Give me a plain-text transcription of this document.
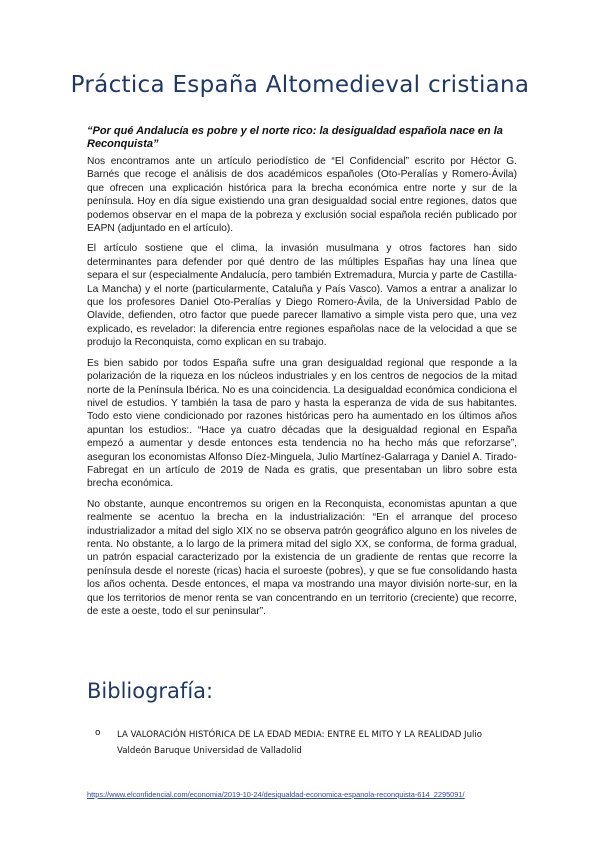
Práctica España Altomedieval cristiana

“Por qué Andalucía es pobre y el norte rico: la desigualdad española nace en la Reconquista”

Nos encontramos ante un artículo periodístico de “El Confidencial” escrito por Héctor G. Barnés que recoge el análisis de dos académicos españoles (Oto-Peralías y Romero-Ávila) que ofrecen una explicación histórica para la brecha económica entre norte y sur de la península. Hoy en día sigue existiendo una gran desigualdad social entre regiones, datos que podemos observar en el mapa de la pobreza y exclusión social española recién publicado por EAPN (adjuntado en el artículo).

El artículo sostiene que el clima, la invasión musulmana y otros factores han sido determinantes para defender por qué dentro de las múltiples Españas hay una línea que separa el sur (especialmente Andalucía, pero también Extremadura, Murcia y parte de Castilla-La Mancha) y el norte (particularmente, Cataluña y País Vasco). Vamos a entrar a analizar lo que los profesores Daniel Oto-Peralías y Diego Romero-Ávila, de la Universidad Pablo de Olavide, defienden, otro factor que puede parecer llamativo a simple vista pero que, una vez explicado, es revelador: la diferencia entre regiones españolas nace de la velocidad a que se produjo la Reconquista, como explican en su trabajo.

Es bien sabido por todos España sufre una gran desigualdad regional que responde a la polarización de la riqueza en los núcleos industriales y en los centros de negocios de la mitad norte de la Península Ibérica. No es una coincidencia. La desigualdad económica condiciona el nivel de estudios. Y también la tasa de paro y hasta la esperanza de vida de sus habitantes. Todo esto viene condicionado por razones históricas pero ha aumentado en los últimos años apuntan los estudios:. “Hace ya cuatro décadas que la desigualdad regional en España empezó a aumentar y desde entonces esta tendencia no ha hecho más que reforzarse”, aseguran los economistas Alfonso Díez-Minguela, Julio Martínez-Galarraga y Daniel A. Tirado-Fabregat en un artículo de 2019 de Nada es gratis, que presentaban un libro sobre esta brecha económica.

No obstante, aunque encontremos su origen en la Reconquista, economistas apuntan a que realmente se acentuo la brecha en la industrialización: “En el arranque del proceso industrializador a mitad del siglo XIX no se observa patrón geográfico alguno en los niveles de renta. No obstante, a lo largo de la primera mitad del siglo XX, se conforma, de forma gradual, un patrón espacial caracterizado por la existencia de un gradiente de rentas que recorre la península desde el noreste (ricas) hacia el suroeste (pobres), y que se fue consolidando hasta los años ochenta. Desde entonces, el mapa va mostrando una mayor división norte-sur, en la que los territorios de menor renta se van concentrando en un territorio (creciente) que recorre, de este a oeste, todo el sur peninsular”.

Bibliografía:
o	LA VALORACIÓN HISTÓRICA DE LA EDAD MEDIA: ENTRE EL MITO Y LA REALIDAD Julio Valdeón Baruque Universidad de Valladolid
https://www.elconfidencial.com/economia/2019-10-24/desigualdad-economica-espanola-reconquista-614_2295091/
